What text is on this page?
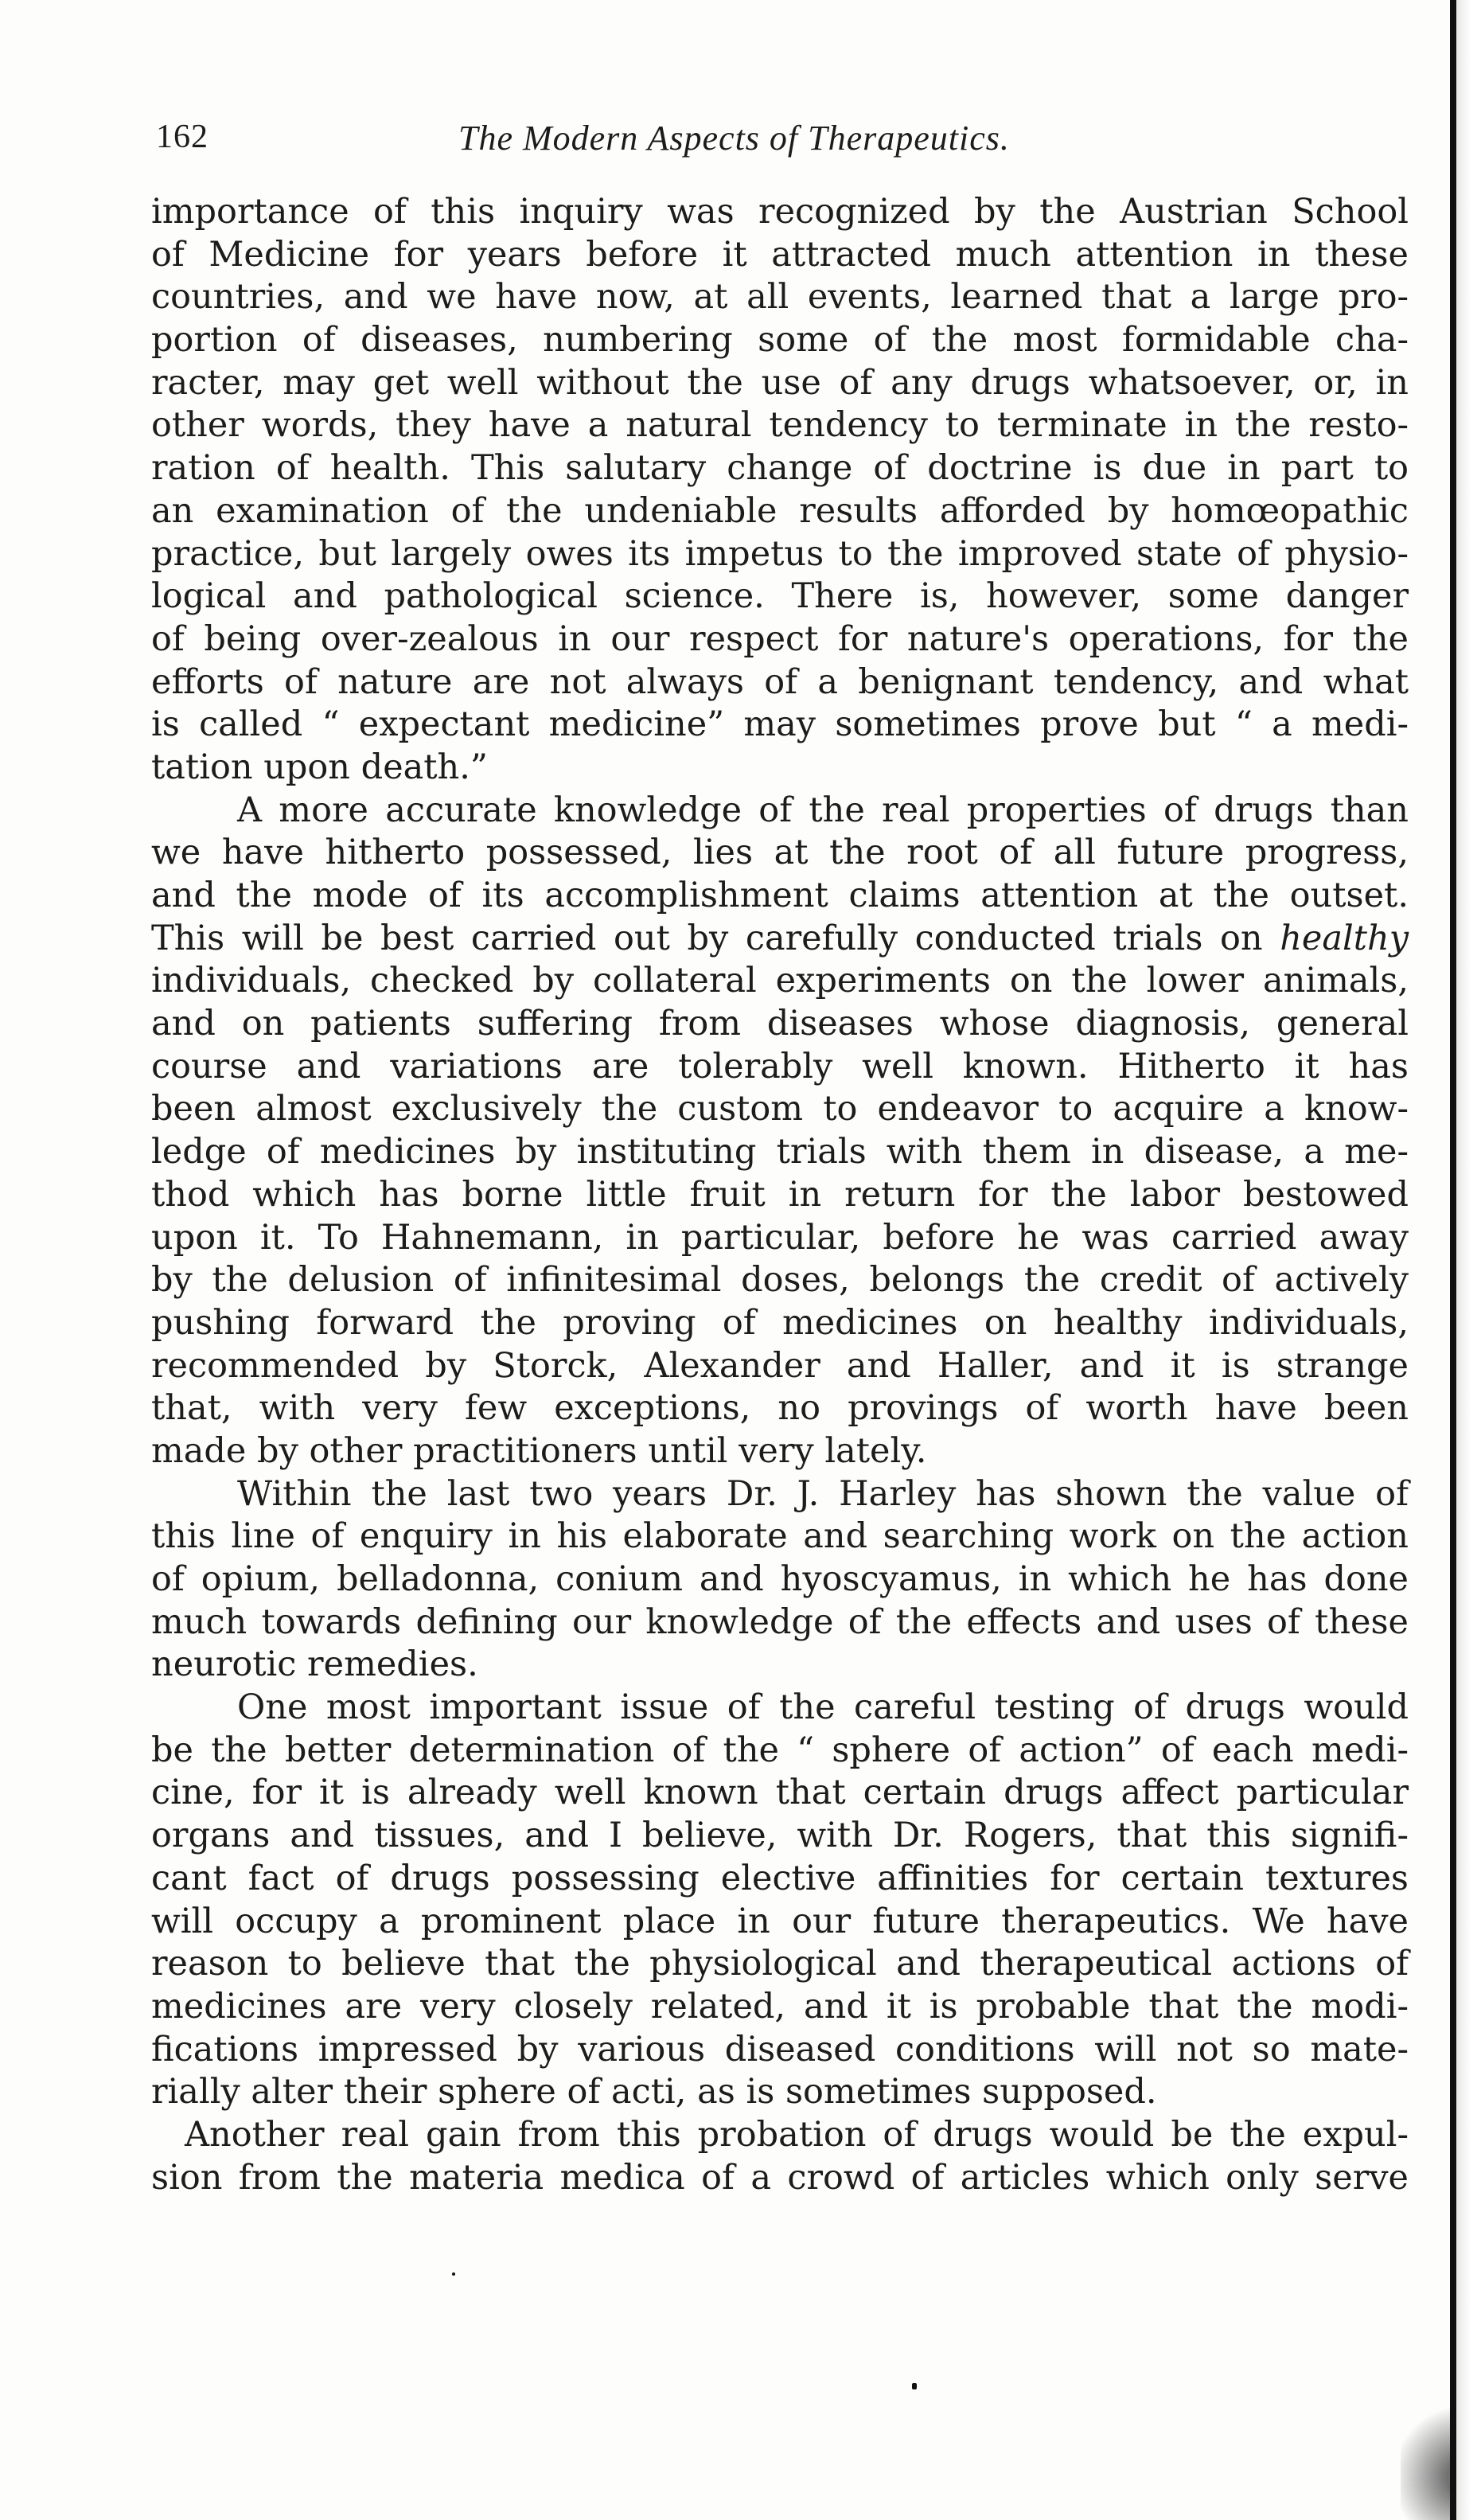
162	The Modern Aspects of Therapeutics.
importance of this inquiry was recognized by the Austrian School
of Medicine for years before it attracted much attention in these
countries, and we have now, at all events, learned that a large pro-
portion of diseases, numbering some of the most formidable cha-
racter, may get well without the use of any drugs whatsoever, or, in
other words, they have a natural tendency to terminate in the resto-
ration of health. This salutary change of doctrine is due in part to
an examination of the undeniable results afforded by homœopathic
practice, but largely owes its impetus to the improved state of physio-
logical and pathological science. There is, however, some danger
of being over-zealous in our respect for nature's operations, for the
efforts of nature are not always of a benignant tendency, and what
is called “ expectant medicine” may sometimes prove but “ a medi-
tation upon death.”
A more accurate knowledge of the real properties of drugs than
we have hitherto possessed, lies at the root of all future progress,
and the mode of its accomplishment claims attention at the outset.
This will be best carried out by carefully conducted trials on healthy
individuals, checked by collateral experiments on the lower animals,
and on patients suffering from diseases whose diagnosis, general
course and variations are tolerably well known. Hitherto it has
been almost exclusively the custom to endeavor to acquire a know-
ledge of medicines by instituting trials with them in disease, a me-
thod which has borne little fruit in return for the labor bestowed
upon it. To Hahnemann, in particular, before he was carried away
by the delusion of infinitesimal doses, belongs the credit of actively
pushing forward the proving of medicines on healthy individuals,
recommended by Storck, Alexander and Haller, and it is strange
that, with very few exceptions, no provings of worth have been
made by other practitioners until very lately.
Within the last two years Dr. J. Harley has shown the value of
this line of enquiry in his elaborate and searching work on the action
of opium, belladonna, conium and hyoscyamus, in which he has done
much towards defining our knowledge of the effects and uses of these
neurotic remedies.
One most important issue of the careful testing of drugs would
be the better determination of the “ sphere of action” of each medi-
cine, for it is already well known that certain drugs affect particular
organs and tissues, and I believe, with Dr. Rogers, that this signifi-
cant fact of drugs possessing elective affinities for certain textures
will occupy a prominent place in our future therapeutics. We have
reason to believe that the physiological and therapeutical actions of
medicines are very closely related, and it is probable that the modi-
fications impressed by various diseased conditions will not so mate-
rially alter their sphere of acti, as is sometimes supposed.
Another real gain from this probation of drugs would be the expul-
sion from the materia medica of a crowd of articles which only serve
